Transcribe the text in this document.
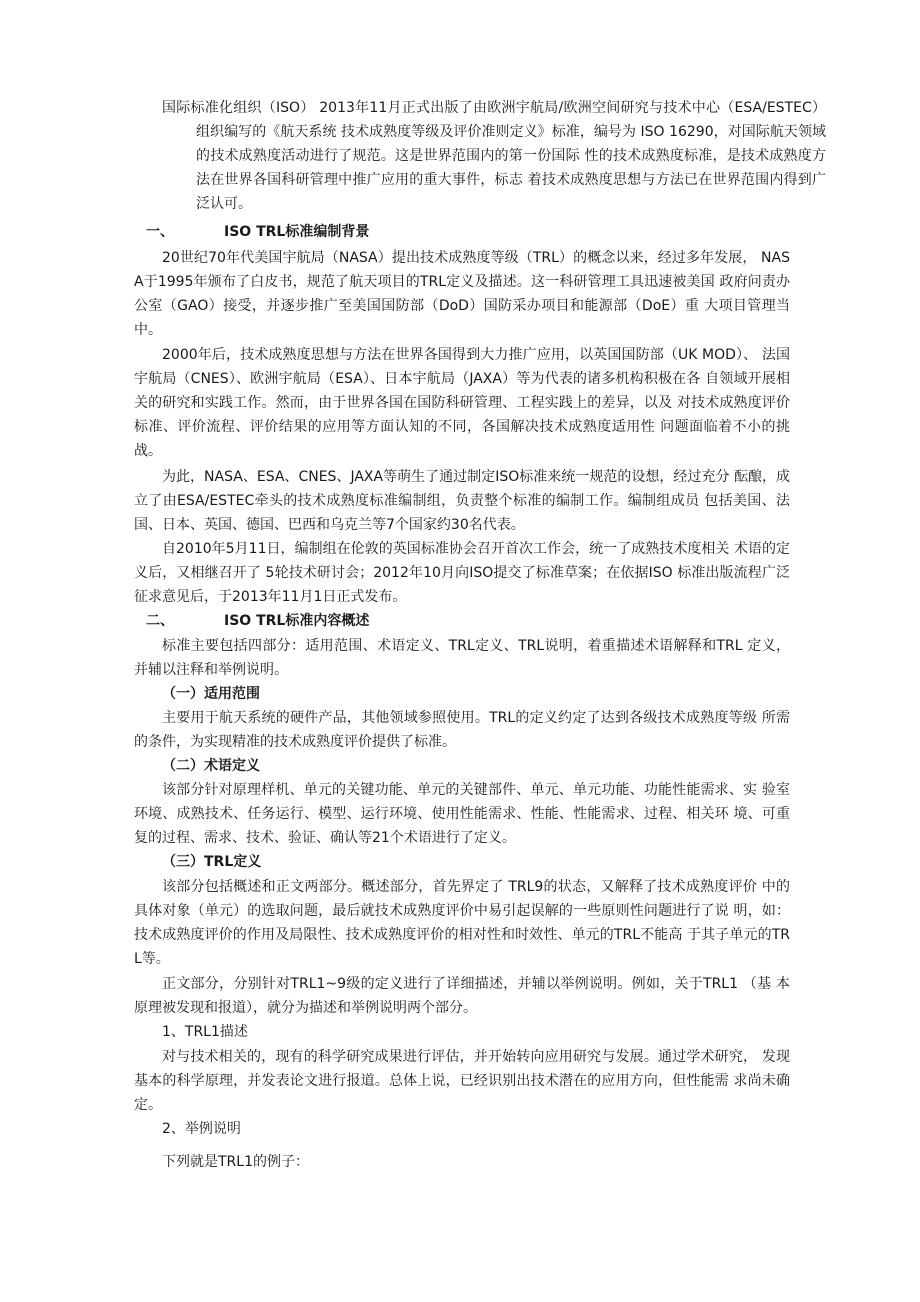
国际标准化组织（ISO） 2013年11月正式出版了由欧洲宇航局/欧洲空间研究与技术中心（ESA/ESTEC）组织编写的《航天系统 技术成熟度等级及评价准则定义》标准，编号为 ISO 16290，对国际航天领域的技术成熟度活动进行了规范。这是世界范围内的第一份国际 性的技术成熟度标准，是技术成熟度方法在世界各国科研管理中推广应用的重大事件，标志 着技术成熟度思想与方法已在世界范围内得到广泛认可。

一、	ISO TRL标准编制背景

20世纪70年代美国宇航局（NASA）提出技术成熟度等级（TRL）的概念以来，经过多年发展， NASA于1995年颁布了白皮书，规范了航天项目的TRL定义及描述。这一科研管理工具迅速被美国 政府问责办公室（GAO）接受，并逐步推广至美国国防部（DoD）国防采办项目和能源部（DoE）重 大项目管理当中。

2000年后，技术成熟度思想与方法在世界各国得到大力推广应用，以英国国防部（UK MOD）、 法国宇航局（CNES）、欧洲宇航局（ESA）、日本宇航局（JAXA）等为代表的诸多机构积极在各 自领域开展相关的研究和实践工作。然而，由于世界各国在国防科研管理、工程实践上的差异，以及 对技术成熟度评价标准、评价流程、评价结果的应用等方面认知的不同，各国解决技术成熟度适用性 问题面临着不小的挑战。

为此，NASA、ESA、CNES、JAXA等萌生了通过制定ISO标准来统一规范的设想，经过充分 酝酿，成立了由ESA/ESTEC牵头的技术成熟度标准编制组，负责整个标准的编制工作。编制组成员 包括美国、法国、日本、英国、德国、巴西和乌克兰等7个国家约30名代表。

自2010年5月11日，编制组在伦敦的英国标准协会召开首次工作会，统一了成熟技术度相关 术语的定义后，又相继召开了 5轮技术研讨会；2012年10月向ISO提交了标准草案；在依据ISO 标准出版流程广泛征求意见后，于2013年11月1日正式发布。

二、	ISO TRL标准内容概述

标准主要包括四部分：适用范围、术语定义、TRL定义、TRL说明，着重描述术语解释和TRL 定义，并辅以注释和举例说明。

（一）适用范围

主要用于航天系统的硬件产品，其他领域参照使用。TRL的定义约定了达到各级技术成熟度等级 所需的条件，为实现精准的技术成熟度评价提供了标准。

（二）术语定义

该部分针对原理样机、单元的关键功能、单元的关键部件、单元、单元功能、功能性能需求、实 验室环境、成熟技术、任务运行、模型、运行环境、使用性能需求、性能、性能需求、过程、相关环 境、可重复的过程、需求、技术、验证、确认等21个术语进行了定义。

（三）TRL定义

该部分包括概述和正文两部分。概述部分，首先界定了 TRL9的状态，又解释了技术成熟度评价 中的具体对象（单元）的选取问题，最后就技术成熟度评价中易引起误解的一些原则性问题进行了说 明，如：技术成熟度评价的作用及局限性、技术成熟度评价的相对性和时效性、单元的TRL不能高 于其子单元的TRL等。

正文部分，分别针对TRL1~9级的定义进行了详细描述，并辅以举例说明。例如，关于TRL1 （基 本原理被发现和报道），就分为描述和举例说明两个部分。

1、TRL1描述

对与技术相关的，现有的科学研究成果进行评估，并开始转向应用研究与发展。通过学术研究， 发现基本的科学原理，并发表论文进行报道。总体上说，已经识别出技术潜在的应用方向，但性能需 求尚未确定。

2、举例说明

下列就是TRL1的例子：
